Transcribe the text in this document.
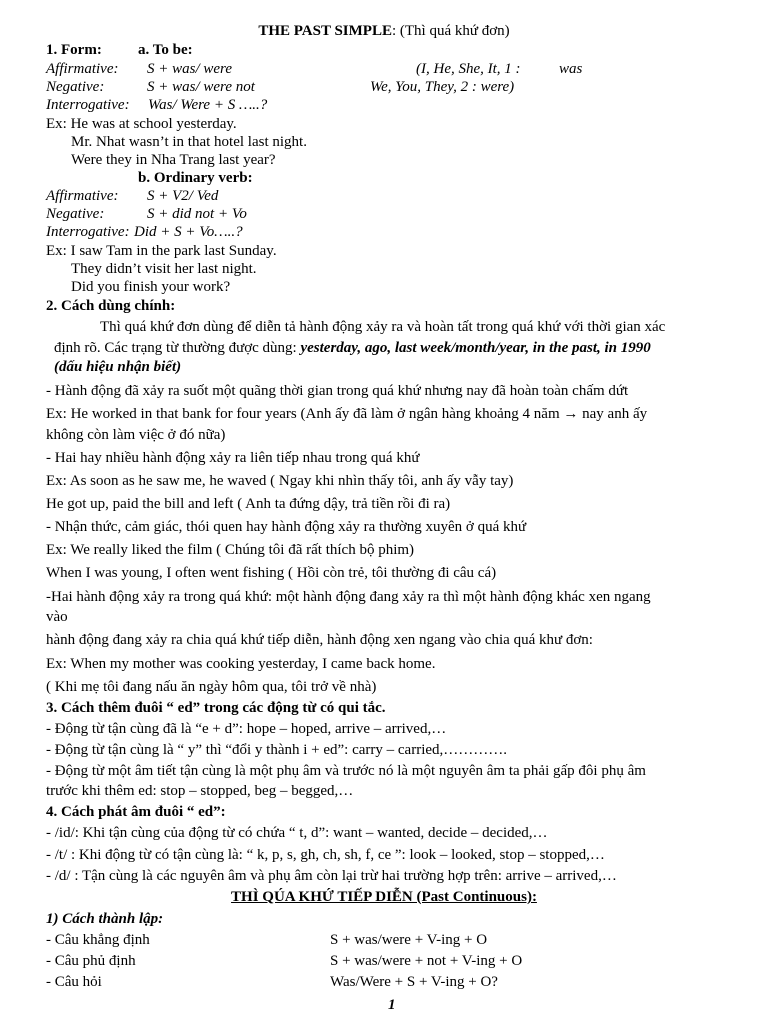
THE PAST SIMPLE: (Thì quá khứ đơn)
1. Form: a. To be:
Affirmative: S + was/ were	(I, He, She, It, 1 :	was
Negative:	S + was/ were not	We, You, They, 2 : were)
Interrogative: Was/ Were + S …..?
Ex: He was at school yesterday.
Mr. Nhat wasn’t in that hotel last night.
Were they in Nha Trang last year?
b. Ordinary verb:
Affirmative: S + V2/ Ved
Negative:	S + did not + Vo
Interrogative: Did + S + Vo…..?
Ex: I saw Tam in the park last Sunday.
They didn’t visit her last night.
Did you finish your work?
2. Cách dùng chính:
Thì quá khứ đơn dùng để diễn tả hành động xảy ra và hoàn tất trong quá khứ với thời gian xác
định rõ. Các trạng từ thường được dùng: yesterday, ago, last week/month/year, in the past, in 1990
(dấu hiệu nhận biết)
- Hành động đã xảy ra suốt một quãng thời gian trong quá khứ nhưng nay đã hoàn toàn chấm dứt
Ex: He worked in that bank for four years (Anh ấy đã làm ở ngân hàng khoảng 4 năm → nay anh ấy
không còn làm việc ở đó nữa)
- Hai hay nhiều hành động xảy ra liên tiếp nhau trong quá khứ
Ex: As soon as he saw me, he waved ( Ngay khi nhìn thấy tôi, anh ấy vẫy tay)
He got up, paid the bill and left ( Anh ta đứng dậy, trả tiền rồi đi ra)
- Nhận thức, cảm giác, thói quen hay hành động xảy ra thường xuyên ở quá khứ
Ex: We really liked the film ( Chúng tôi đã rất thích bộ phim)
When I was young, I often went fishing ( Hồi còn trẻ, tôi thường đi câu cá)
-Hai hành động xảy ra trong quá khứ: một hành động đang xảy ra thì một hành động khác xen ngang
vào
hành động đang xảy ra chia quá khứ tiếp diễn, hành động xen ngang vào chia quá khư đơn:
Ex: When my mother was cooking yesterday, I came back home.
( Khi mẹ tôi đang nấu ăn ngày hôm qua, tôi trở về nhà)
3. Cách thêm đuôi “ ed” trong các động từ có qui tắc.
- Động từ tận cùng đã là “e + d”: hope – hoped, arrive – arrived,…
- Động từ tận cùng là “ y” thì “đổi y thành i + ed”: carry – carried,………….
- Động từ một âm tiết tận cùng là một phụ âm và trước nó là một nguyên âm ta phải gấp đôi phụ âm
trước khi thêm ed: stop – stopped, beg – begged,…
4. Cách phát âm đuôi “ ed”:
- /id/: Khi tận cùng của động từ có chứa “ t, d”: want – wanted, decide – decided,…
- /t/ : Khi động từ có tận cùng là: “ k, p, s, gh, ch, sh, f, ce ”: look – looked, stop – stopped,…
- /d/ : Tận cùng là các nguyên âm và phụ âm còn lại trừ hai trường hợp trên: arrive – arrived,…
THÌ QÚA KHỨ TIẾP DIỄN (Past Continuous):
1) Cách thành lập:
- Câu khẳng định	S + was/were + V-ing + O
- Câu phủ định	S + was/were + not + V-ing + O
- Câu hỏi	Was/Were + S + V-ing + O?
1
